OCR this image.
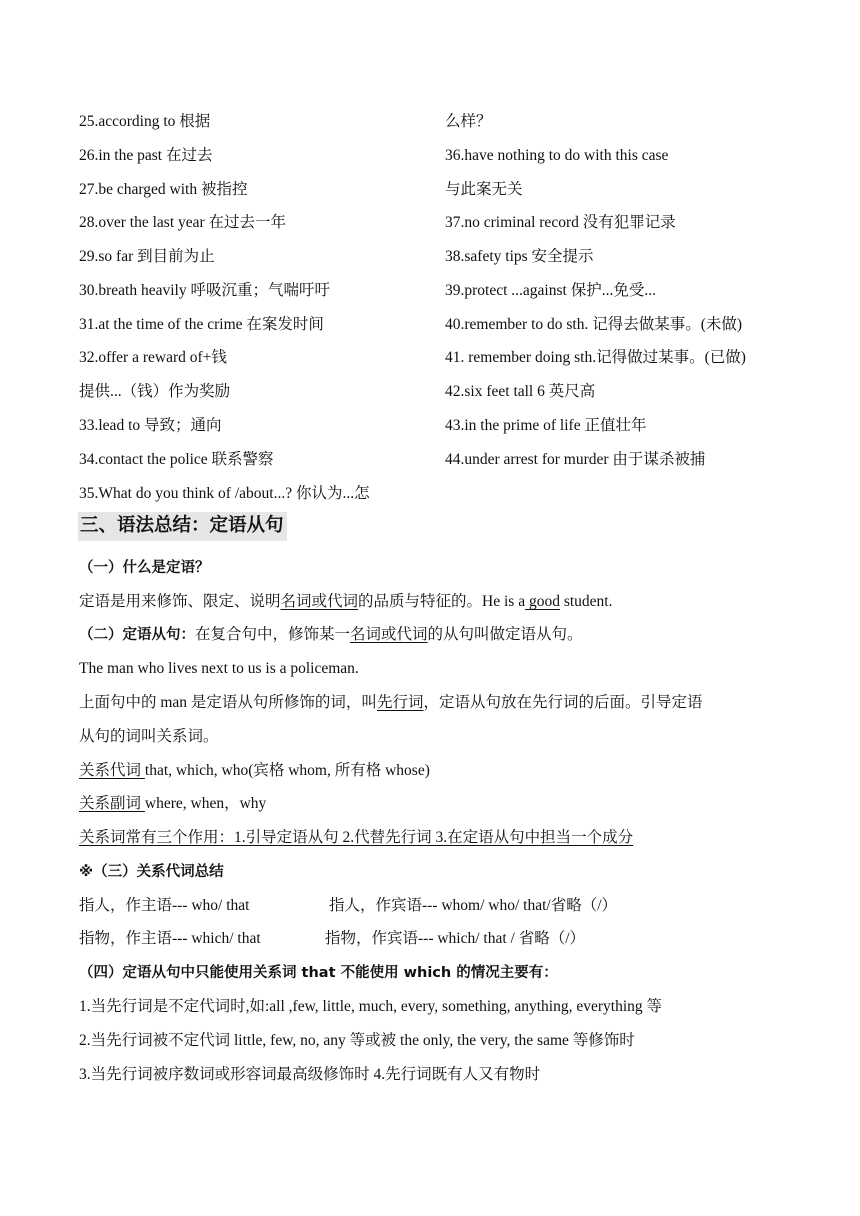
25.according to 根据
26.in the past 在过去
27.be charged with 被指控
28.over the last year 在过去一年
29.so far 到目前为止
30.breath heavily 呼吸沉重；气喘吁吁
31.at the time of the crime 在案发时间
32.offer a reward of+钱
提供...（钱）作为奖励
33.lead to 导致；通向
34.contact the police 联系警察
35.What do you think of /about...? 你认为...怎
么样？
36.have nothing to do with this case
与此案无关
37.no criminal record 没有犯罪记录
38.safety tips 安全提示
39.protect ...against 保护...免受...
40.remember to do sth. 记得去做某事。(未做)
41. remember doing sth.记得做过某事。(已做)
42.six feet tall 6 英尺高
43.in the prime of life 正值壮年
44.under arrest for murder 由于谋杀被捕
三、语法总结：定语从句
（一）什么是定语？
定语是用来修饰、限定、说明名词或代词的品质与特征的。He is a good student.
（二）定语从句：在复合句中，修饰某一名词或代词的从句叫做定语从句。
The man who lives next to us is a policeman.
上面句中的 man 是定语从句所修饰的词，叫先行词，定语从句放在先行词的后面。引导定语
从句的词叫关系词。
关系代词 that, which, who(宾格 whom, 所有格 whose)
关系副词 where, when，why
关系词常有三个作用：1.引导定语从句 2.代替先行词 3.在定语从句中担当一个成分
※（三）关系代词总结
指人，作主语--- who/ that	指人，作宾语--- whom/ who/ that/省略（/）
指物，作主语--- which/ that	指物，作宾语--- which/ that / 省略（/）
（四）定语从句中只能使用关系词 that 不能使用 which 的情况主要有：
1.当先行词是不定代词时,如:all ,few, little, much, every, something, anything, everything 等
2.当先行词被不定代词 little, few, no, any 等或被 the only, the very, the same 等修饰时
3.当先行词被序数词或形容词最高级修饰时 4.先行词既有人又有物时
